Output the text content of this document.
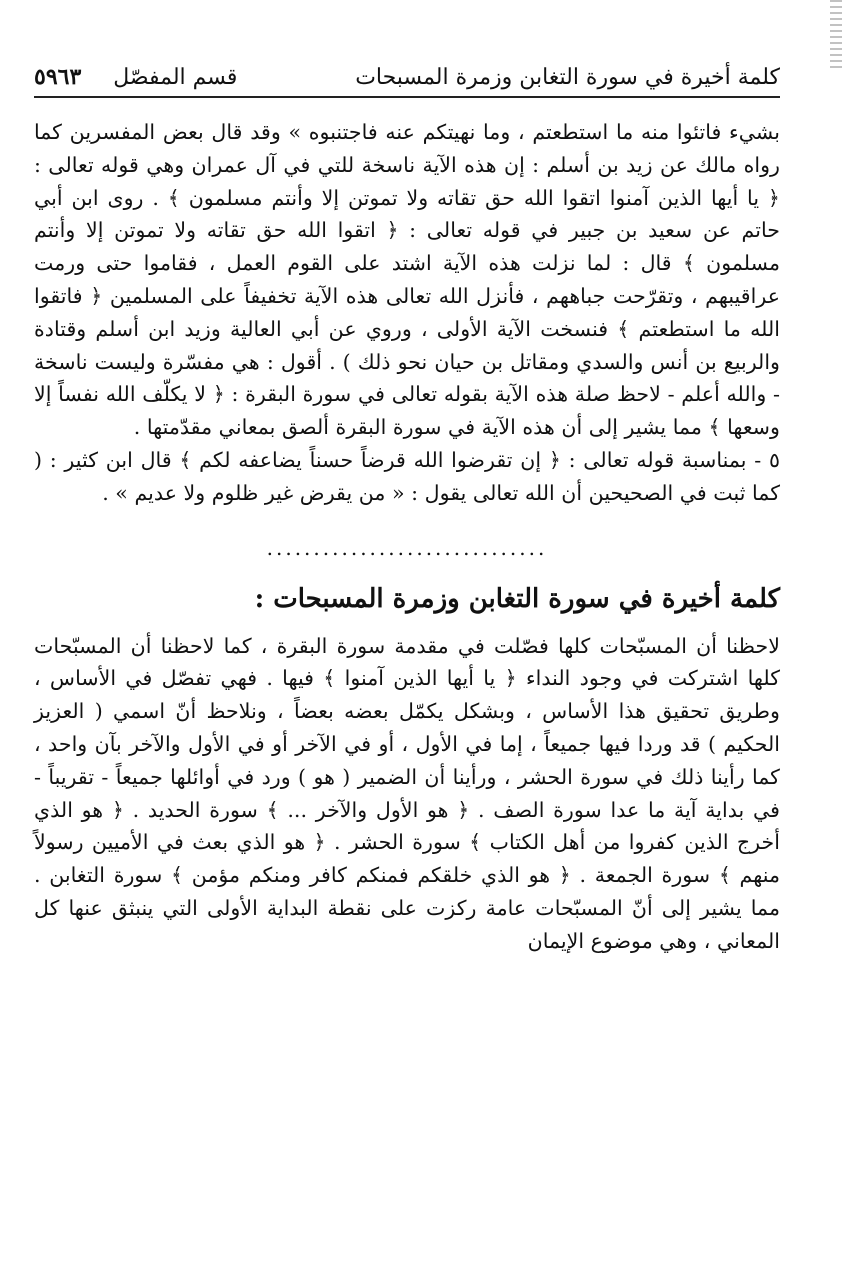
كلمة أخيرة في سورة التغابن وزمرة المسبحات
قسم المفصّل
٥٩٦٣

بشيء فاتئوا منه ما استطعتم ، وما نهيتكم عنه فاجتنبوه » وقد قال بعض المفسرين كما رواه مالك عن زيد بن أسلم : إن هذه الآية ناسخة للتي في آل عمران وهي قوله تعالى : ﴿ يا أيها الذين آمنوا اتقوا الله حق تقاته ولا تموتن إلا وأنتم مسلمون ﴾ . روى ابن أبي حاتم عن سعيد بن جبير في قوله تعالى : ﴿ اتقوا الله حق تقاته ولا تموتن إلا وأنتم مسلمون ﴾ قال : لما نزلت هذه الآية اشتد على القوم العمل ، فقاموا حتى ورمت عراقيبهم ، وتقرّحت جباههم ، فأنزل الله تعالى هذه الآية تخفيفاً على المسلمين ﴿ فاتقوا الله ما استطعتم ﴾ فنسخت الآية الأولى ، وروي عن أبي العالية وزيد ابن أسلم وقتادة والربيع بن أنس والسدي ومقاتل بن حيان نحو ذلك ) . أقول : هي مفسّرة وليست ناسخة - والله أعلم - لاحظ صلة هذه الآية بقوله تعالى في سورة البقرة : ﴿ لا يكلّف الله نفساً إلا وسعها ﴾ مما يشير إلى أن هذه الآية في سورة البقرة ألصق بمعاني مقدّمتها .

٥ - بمناسبة قوله تعالى : ﴿ إن تقرضوا الله قرضاً حسناً يضاعفه لكم ﴾ قال ابن كثير : ( كما ثبت في الصحيحين أن الله تعالى يقول : « من يقرض غير ظلوم ولا عديم » .

..............................
كلمة أخيرة في سورة التغابن وزمرة المسبحات :

لاحظنا أن المسبّحات كلها فصّلت في مقدمة سورة البقرة ، كما لاحظنا أن المسبّحات كلها اشتركت في وجود النداء ﴿ يا أيها الذين آمنوا ﴾ فيها . فهي تفصّل في الأساس ، وطريق تحقيق هذا الأساس ، وبشكل يكمّل بعضه بعضاً ، ونلاحظ أنّ اسمي ( العزيز الحكيم ) قد وردا فيها جميعاً ، إما في الأول ، أو في الآخر أو في الأول والآخر بآن واحد ، كما رأينا ذلك في سورة الحشر ، ورأينا أن الضمير ( هو ) ورد في أوائلها جميعاً - تقريباً - في بداية آية ما عدا سورة الصف . ﴿ هو الأول والآخر ... ﴾ سورة الحديد . ﴿ هو الذي أخرج الذين كفروا من أهل الكتاب ﴾ سورة الحشر . ﴿ هو الذي بعث في الأميين رسولاً منهم ﴾ سورة الجمعة . ﴿ هو الذي خلقكم فمنكم كافر ومنكم مؤمن ﴾ سورة التغابن . مما يشير إلى أنّ المسبّحات عامة ركزت على نقطة البداية الأولى التي ينبثق عنها كل المعاني ، وهي موضوع الإيمان
